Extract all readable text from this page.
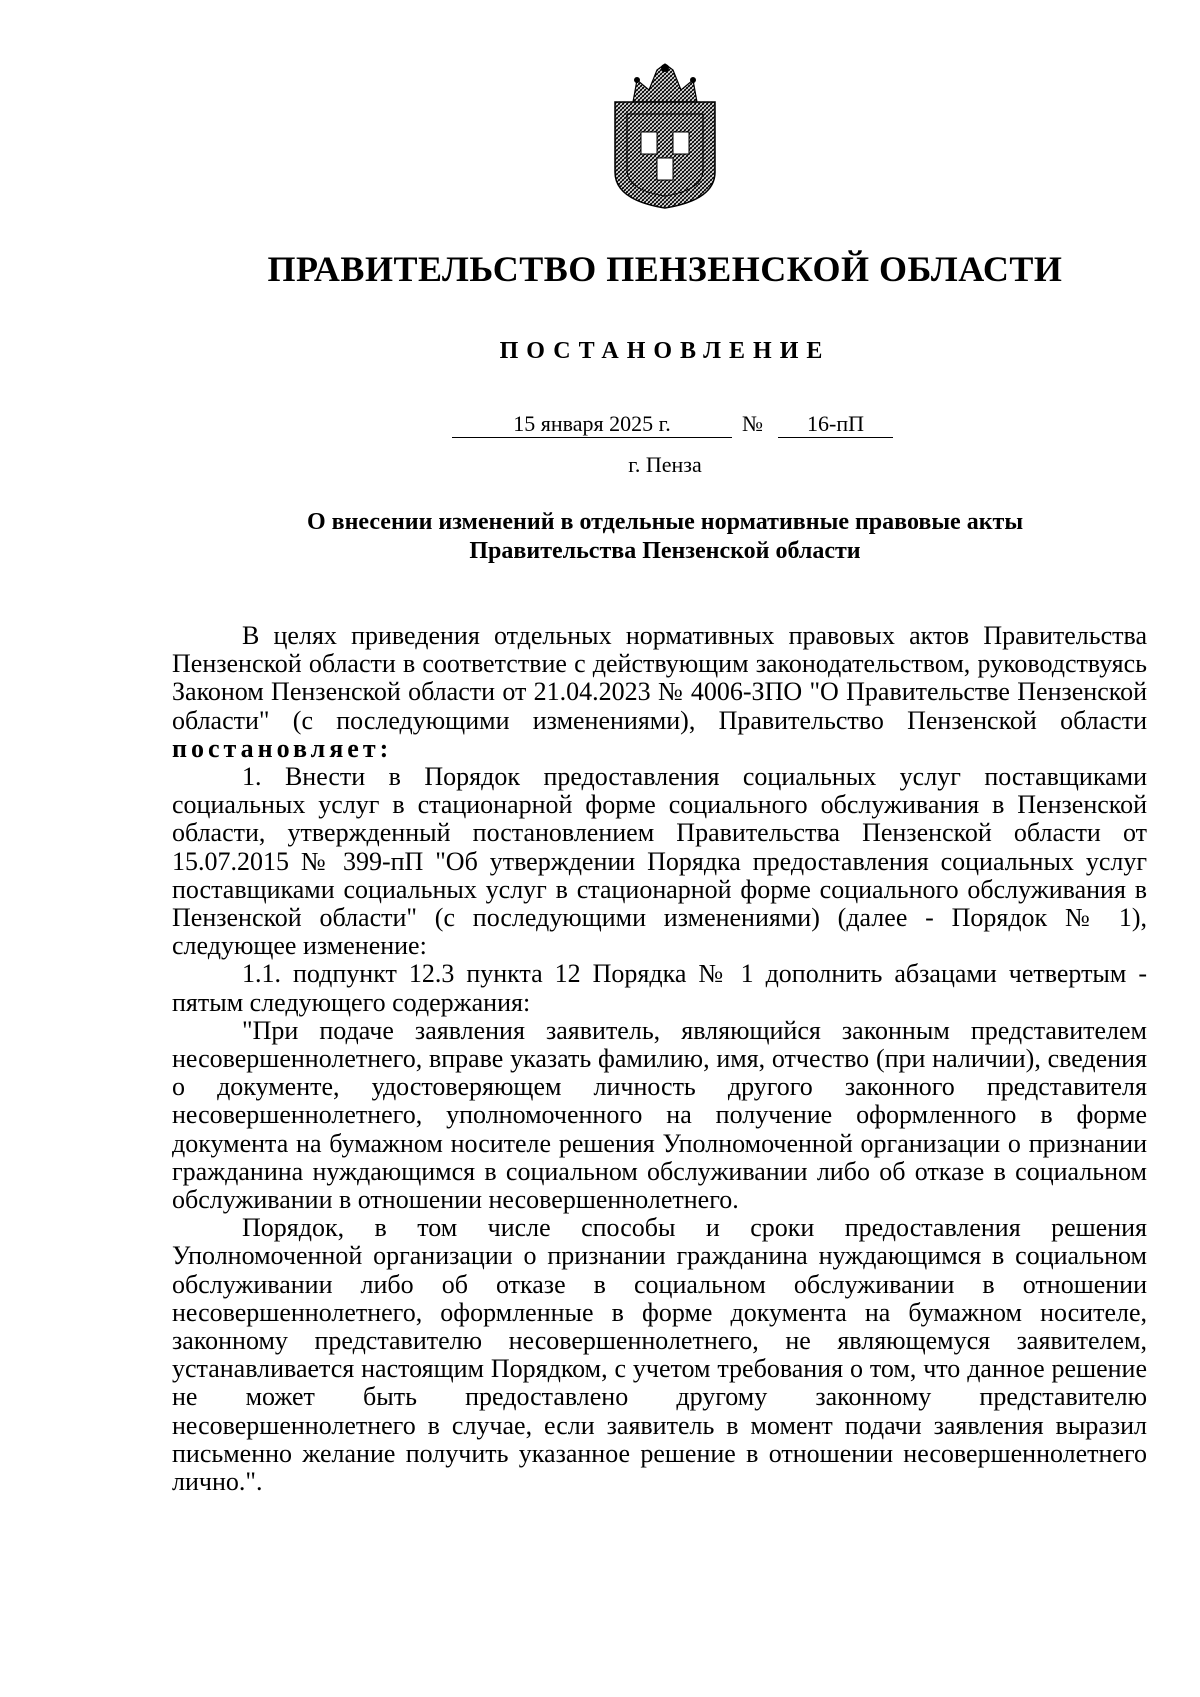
ПРАВИТЕЛЬСТВО ПЕНЗЕНСКОЙ ОБЛАСТИ
ПОСТАНОВЛЕНИЕ
15 января 2025 г.	№	16-пП
г. Пенза
О внесении изменений в отдельные нормативные правовые акты
Правительства Пензенской области

В целях приведения отдельных нормативных правовых актов Правительства Пензенской области в соответствие с действующим законодательством, руководствуясь Законом Пензенской области от 21.04.2023 № 4006-ЗПО "О Правительстве Пензенской области" (с последующими изменениями), Правительство Пензенской области постановляет:

1. Внести в Порядок предоставления социальных услуг поставщиками социальных услуг в стационарной форме социального обслуживания в Пензенской области, утвержденный постановлением Правительства Пензенской области от 15.07.2015 № 399-пП "Об утверждении Порядка предоставления социальных услуг поставщиками социальных услуг в стационарной форме социального обслуживания в Пензенской области" (с последующими изменениями) (далее - Порядок № 1), следующее изменение:

1.1. подпункт 12.3 пункта 12 Порядка № 1 дополнить абзацами четвертым - пятым следующего содержания:

"При подаче заявления заявитель, являющийся законным представителем несовершеннолетнего, вправе указать фамилию, имя, отчество (при наличии), сведения о документе, удостоверяющем личность другого законного представителя несовершеннолетнего, уполномоченного на получение оформленного в форме документа на бумажном носителе решения Уполномоченной организации о признании гражданина нуждающимся в социальном обслуживании либо об отказе в социальном обслуживании в отношении несовершеннолетнего.

Порядок, в том числе способы и сроки предоставления решения Уполномоченной организации о признании гражданина нуждающимся в социальном обслуживании либо об отказе в социальном обслуживании в отношении несовершеннолетнего, оформленные в форме документа на бумажном носителе, законному представителю несовершеннолетнего, не являющемуся заявителем, устанавливается настоящим Порядком, с учетом требования о том, что данное решение не может быть предоставлено другому законному представителю несовершеннолетнего в случае, если заявитель в момент подачи заявления выразил письменно желание получить указанное решение в отношении несовершеннолетнего лично.".
